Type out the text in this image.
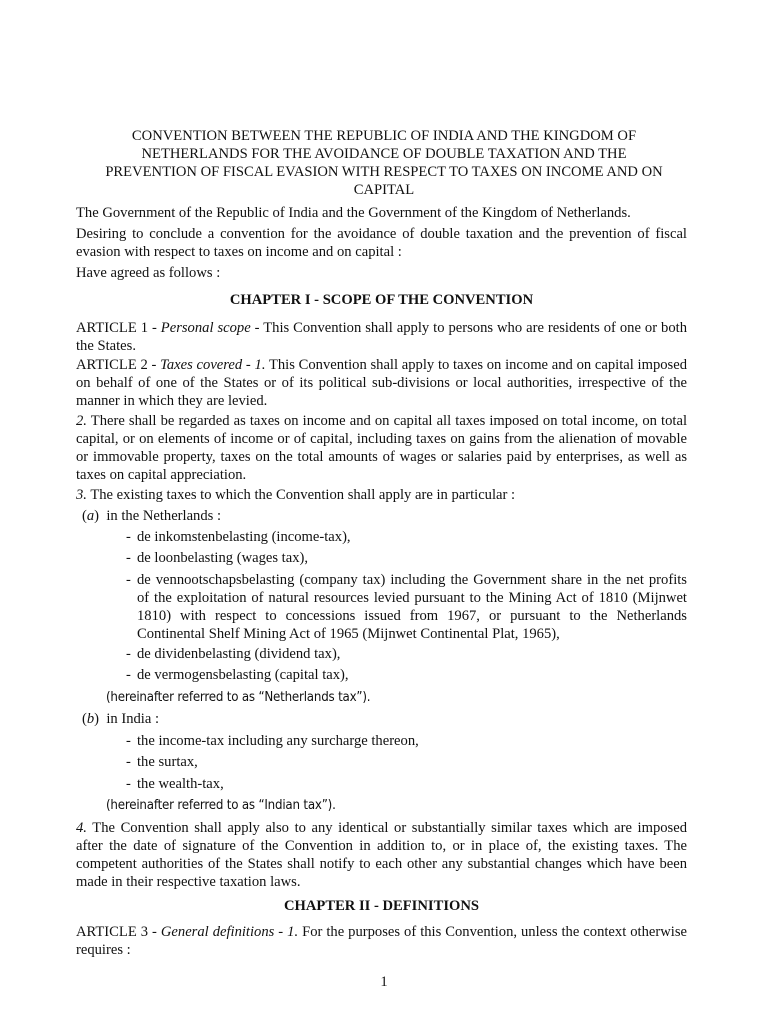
CONVENTION BETWEEN THE REPUBLIC OF INDIA AND THE KINGDOM OF
NETHERLANDS FOR THE AVOIDANCE OF DOUBLE TAXATION AND THE
PREVENTION OF FISCAL EVASION WITH RESPECT TO TAXES ON INCOME AND ON
CAPITAL
The Government of the Republic of India and the Government of the Kingdom of Netherlands.
Desiring to conclude a convention for the avoidance of double taxation and the prevention of fiscal evasion with respect to taxes on income and on capital :
Have agreed as follows :
CHAPTER I - SCOPE OF THE CONVENTION
ARTICLE 1 - Personal scope - This Convention shall apply to persons who are residents of one or both the States.
ARTICLE 2 - Taxes covered - 1. This Convention shall apply to taxes on income and on capital imposed on behalf of one of the States or of its political sub-divisions or local authorities, irrespective of the manner in which they are levied.
2. There shall be regarded as taxes on income and on capital all taxes imposed on total income, on total capital, or on elements of income or of capital, including taxes on gains from the alienation of movable or immovable property, taxes on the total amounts of wages or salaries paid by enterprises, as well as taxes on capital appreciation.
3. The existing taxes to which the Convention shall apply are in particular :
(a)  in the Netherlands :
- de inkomstenbelasting (income-tax),
- de loonbelasting (wages tax),
- de vennootschapsbelasting (company tax) including the Government share in the net profits of the exploitation of natural resources levied pursuant to the Mining Act of 1810 (Mijnwet 1810) with respect to concessions issued from 1967, or pursuant to the Netherlands Continental Shelf Mining Act of 1965 (Mijnwet Continental Plat, 1965),
- de dividenbelasting (dividend tax),
- de vermogensbelasting (capital tax),
(hereinafter referred to as “Netherlands tax”).
(b)  in India :
- the income-tax including any surcharge thereon,
- the surtax,
- the wealth-tax,
(hereinafter referred to as “Indian tax”).
4. The Convention shall apply also to any identical or substantially similar taxes which are imposed after the date of signature of the Convention in addition to, or in place of, the existing taxes. The competent authorities of the States shall notify to each other any substantial changes which have been made in their respective taxation laws.
CHAPTER II - DEFINITIONS
ARTICLE 3 - General definitions - 1. For the purposes of this Convention, unless the context otherwise requires :
1
